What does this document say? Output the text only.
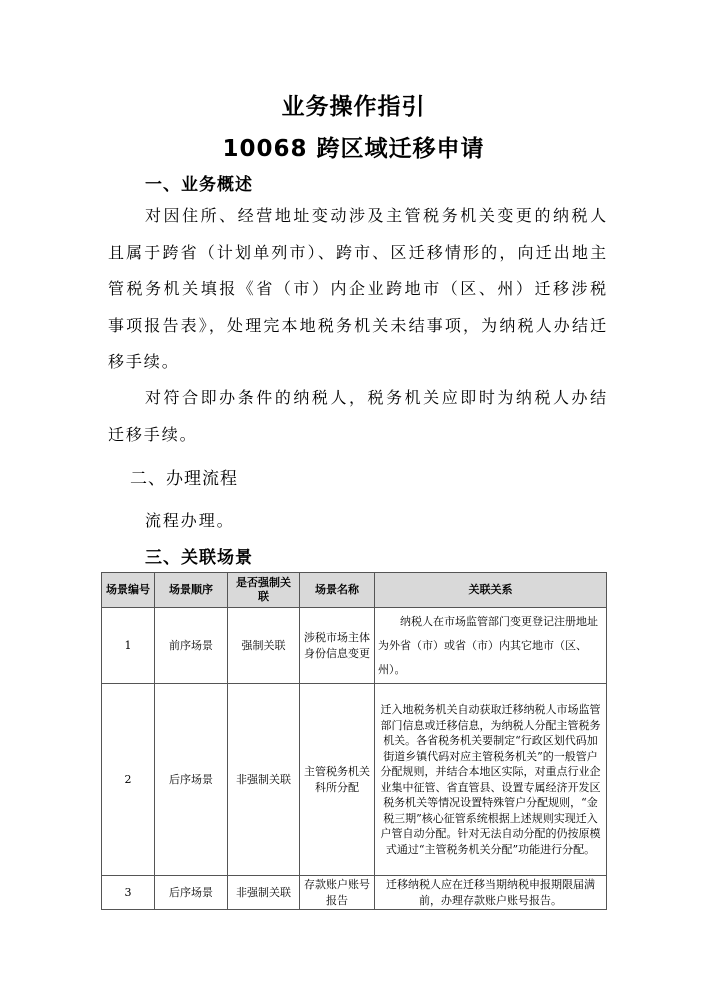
业务操作指引
10068 跨区域迁移申请
一、业务概述

对因住所、经营地址变动涉及主管税务机关变更的纳税人且属于跨省（计划单列市）、跨市、区迁移情形的，向迁出地主管税务机关填报《省（市）内企业跨地市（区、州）迁移涉税事项报告表》，处理完本地税务机关未结事项，为纳税人办结迁移手续。

对符合即办条件的纳税人，税务机关应即时为纳税人办结迁移手续。

二、办理流程

流程办理。

三、关联场景
场景编号	场景顺序	是否强制关联	场景名称	关联关系
1	前序场景	强制关联	涉税市场主体身份信息变更	纳税人在市场监管部门变更登记注册地址为外省（市）或省（市）内其它地市（区、州）。
2	后序场景	非强制关联	主管税务机关科所分配	迁入地税务机关自动获取迁移纳税人市场监管部门信息或迁移信息，为纳税人分配主管税务机关。各省税务机关要制定“行政区划代码加街道乡镇代码对应主管税务机关”的一般管户分配规则，并结合本地区实际，对重点行业企业集中征管、省直管县、设置专属经济开发区税务机关等情况设置特殊管户分配规则，“金税三期”核心征管系统根据上述规则实现迁入户管自动分配。针对无法自动分配的仍按原模式通过“主管税务机关分配”功能进行分配。
3	后序场景	非强制关联	存款账户账号报告	迁移纳税人应在迁移当期纳税申报期限届满前，办理存款账户账号报告。
